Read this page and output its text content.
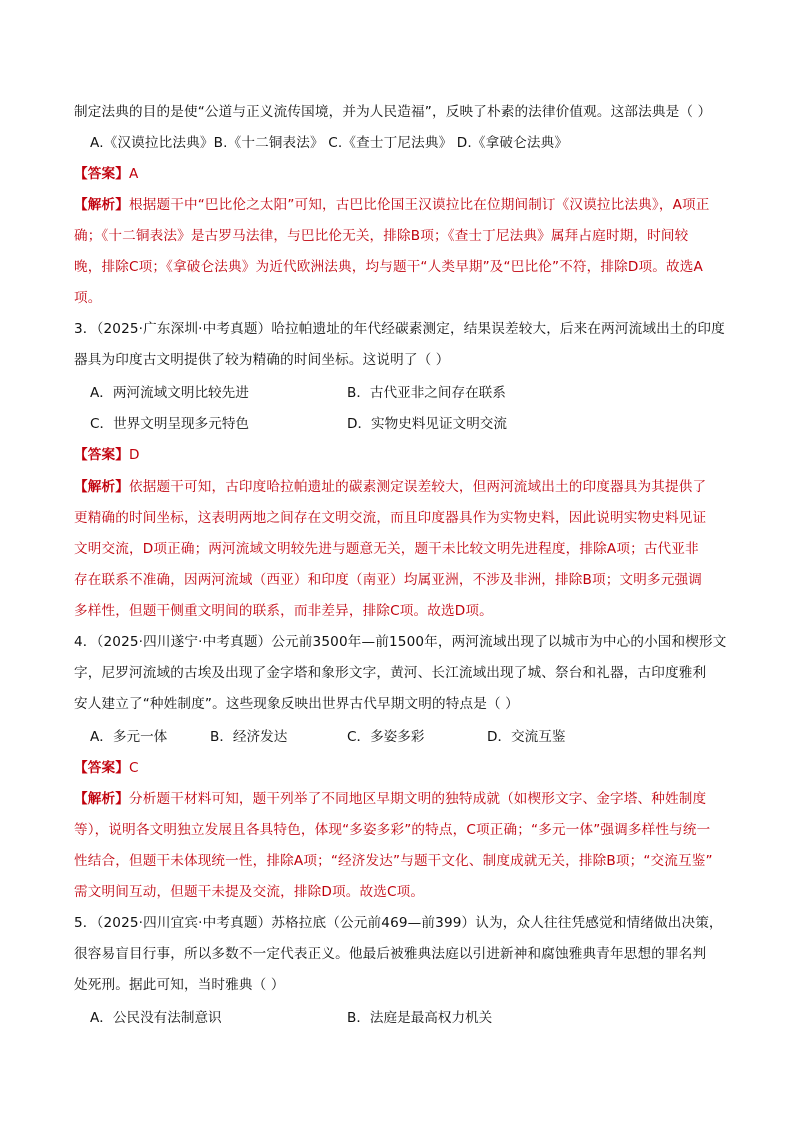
制定法典的目的是使“公道与正义流传国境，并为人民造福”，反映了朴素的法律价值观。这部法典是（ ）
A.《汉谟拉比法典》B.《十二铜表法》 C.《查士丁尼法典》 D.《拿破仑法典》
【答案】A
【解析】根据题干中“巴比伦之太阳”可知，古巴比伦国王汉谟拉比在位期间制订《汉谟拉比法典》，A项正
确；《十二铜表法》是古罗马法律，与巴比伦无关，排除B项；《查士丁尼法典》属拜占庭时期，时间较
晚，排除C项；《拿破仑法典》为近代欧洲法典，均与题干“人类早期”及“巴比伦”不符，排除D项。故选A
项。
3．（2025·广东深圳·中考真题）哈拉帕遗址的年代经碳素测定，结果误差较大，后来在两河流域出土的印度
器具为印度古文明提供了较为精确的时间坐标。这说明了（ ）
A．两河流域文明比较先进	B．古代亚非之间存在联系
C．世界文明呈现多元特色	D．实物史料见证文明交流
【答案】D
【解析】依据题干可知，古印度哈拉帕遗址的碳素测定误差较大，但两河流域出土的印度器具为其提供了
更精确的时间坐标，这表明两地之间存在文明交流，而且印度器具作为实物史料，因此说明实物史料见证
文明交流，D项正确；两河流域文明较先进与题意无关，题干未比较文明先进程度，排除A项；古代亚非
存在联系不准确，因两河流域（西亚）和印度（南亚）均属亚洲，不涉及非洲，排除B项；文明多元强调
多样性，但题干侧重文明间的联系，而非差异，排除C项。故选D项。
4．（2025·四川遂宁·中考真题）公元前3500年—前1500年，两河流域出现了以城市为中心的小国和楔形文
字，尼罗河流域的古埃及出现了金字塔和象形文字，黄河、长江流域出现了城、祭台和礼器，古印度雅利
安人建立了“种姓制度”。这些现象反映出世界古代早期文明的特点是（ ）
A．多元一体	B．经济发达	C．多姿多彩	D．交流互鉴
【答案】C
【解析】分析题干材料可知，题干列举了不同地区早期文明的独特成就（如楔形文字、金字塔、种姓制度
等），说明各文明独立发展且各具特色，体现“多姿多彩”的特点，C项正确；“多元一体”强调多样性与统一
性结合，但题干未体现统一性，排除A项；“经济发达”与题干文化、制度成就无关，排除B项；“交流互鉴”
需文明间互动，但题干未提及交流，排除D项。故选C项。
5．（2025·四川宜宾·中考真题）苏格拉底（公元前469—前399）认为，众人往往凭感觉和情绪做出决策，
很容易盲目行事，所以多数不一定代表正义。他最后被雅典法庭以引进新神和腐蚀雅典青年思想的罪名判
处死刑。据此可知，当时雅典（ ）
A．公民没有法制意识	B．法庭是最高权力机关
